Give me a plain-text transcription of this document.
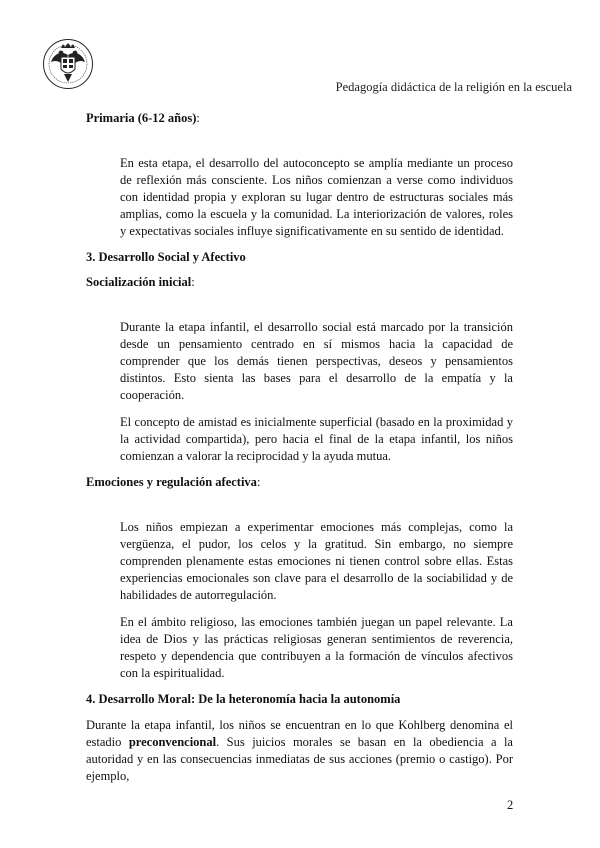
Pedagogía didáctica de la religión en la escuela
Primaria (6-12 años):

En esta etapa, el desarrollo del autoconcepto se amplía mediante un proceso de reflexión más consciente. Los niños comienzan a verse como individuos con identidad propia y exploran su lugar dentro de estructuras sociales más amplias, como la escuela y la comunidad. La interiorización de valores, roles y expectativas sociales influye significativamente en su sentido de identidad.

3. Desarrollo Social y Afectivo
Socialización inicial:

Durante la etapa infantil, el desarrollo social está marcado por la transición desde un pensamiento centrado en sí mismos hacia la capacidad de comprender que los demás tienen perspectivas, deseos y pensamientos distintos. Esto sienta las bases para el desarrollo de la empatía y la cooperación.

El concepto de amistad es inicialmente superficial (basado en la proximidad y la actividad compartida), pero hacia el final de la etapa infantil, los niños comienzan a valorar la reciprocidad y la ayuda mutua.

Emociones y regulación afectiva:

Los niños empiezan a experimentar emociones más complejas, como la vergüenza, el pudor, los celos y la gratitud. Sin embargo, no siempre comprenden plenamente estas emociones ni tienen control sobre ellas. Estas experiencias emocionales son clave para el desarrollo de la sociabilidad y de habilidades de autorregulación.

En el ámbito religioso, las emociones también juegan un papel relevante. La idea de Dios y las prácticas religiosas generan sentimientos de reverencia, respeto y dependencia que contribuyen a la formación de vínculos afectivos con la espiritualidad.

4. Desarrollo Moral: De la heteronomía hacia la autonomía

Durante la etapa infantil, los niños se encuentran en lo que Kohlberg denomina el estadio preconvencional. Sus juicios morales se basan en la obediencia a la autoridad y en las consecuencias inmediatas de sus acciones (premio o castigo). Por ejemplo,

2
